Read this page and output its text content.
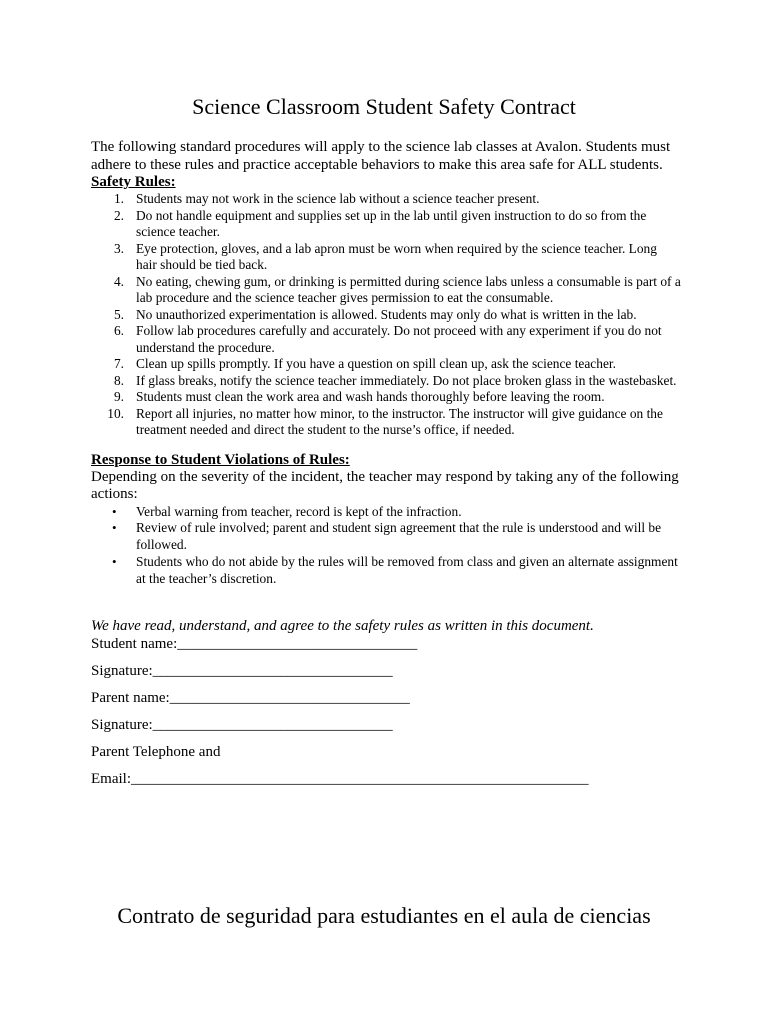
Science Classroom Student Safety Contract

The following standard procedures will apply to the science lab classes at Avalon. Students must adhere to these rules and practice acceptable behaviors to make this area safe for ALL students.

Safety Rules:

1. Students may not work in the science lab without a science teacher present.
2. Do not handle equipment and supplies set up in the lab until given instruction to do so from the science teacher.
3. Eye protection, gloves, and a lab apron must be worn when required by the science teacher. Long hair should be tied back.
4. No eating, chewing gum, or drinking is permitted during science labs unless a consumable is part of a lab procedure and the science teacher gives permission to eat the consumable.
5. No unauthorized experimentation is allowed. Students may only do what is written in the lab.
6. Follow lab procedures carefully and accurately. Do not proceed with any experiment if you do not understand the procedure.
7. Clean up spills promptly. If you have a question on spill clean up, ask the science teacher.
8. If glass breaks, notify the science teacher immediately. Do not place broken glass in the wastebasket.
9. Students must clean the work area and wash hands thoroughly before leaving the room.
10. Report all injuries, no matter how minor, to the instructor. The instructor will give guidance on the treatment needed and direct the student to the nurse’s office, if needed.

Response to Student Violations of Rules:

Depending on the severity of the incident, the teacher may respond by taking any of the following actions:

• Verbal warning from teacher, record is kept of the infraction.
• Review of rule involved; parent and student sign agreement that the rule is understood and will be followed.
• Students who do not abide by the rules will be removed from class and given an alternate assignment at the teacher’s discretion.

We have read, understand, and agree to the safety rules as written in this document.

Student name:________________________________

Signature:________________________________

Parent name:________________________________

Signature:________________________________

Parent Telephone and

Email:_____________________________________________________________

Contrato de seguridad para estudiantes en el aula de ciencias
